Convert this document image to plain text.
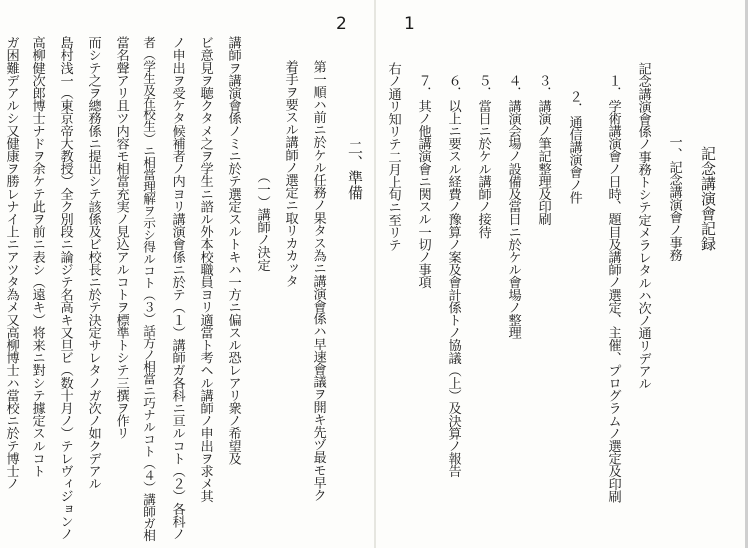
2	1
記念講演會記録
一、記念講演會ノ事務
記念講演會係ノ事務トシテ定メラレタルハ次ノ通リデアル
１．学術講演會ノ日時、題目及講師ノ選定、主催、プログラムノ選定及印刷
２．通信講演會ノ件
３．講演ノ筆記整理及印刷
４．講演会場ノ設備及當日ニ於ケル會場ノ整理
５．當日ニ於ケル講師ノ接待
６．以上ニ要スル経費ノ豫算ノ案及會計係トノ協議（上）及決算ノ報告
７．其ノ他講演會ニ関スル一切ノ事項
右ノ通リ知リテ二月上旬ニ至リテ
二、準備
第一順ハ前ニ於ケル任務ノ果タス為ニ講演會係ハ早速會議ヲ開キ先ヅ最モ早ク
着手ヲ要スル講師ノ選定ニ取リカカッタ
（一）講師ノ決定
講師ヲ講演會係ノミニ於テ選定スルトキハ一方ニ偏スル恐レアリ衆ノ希望及
ビ意見ヲ聴クタメ之ヲ学生ニ諮ル外本校職員ヨリ適當ト考ヘル講師ノ申出ヲ求メ其
ノ申出ヲ受ケタ候補者ノ内ヨリ講演會係ニ於テ（１）講師ガ各科ニ亘ルコト（２）各科ノ
者（学生及在校生）ニ相當理解ヲ示シ得ルコト（３）話方ノ相當ニ巧ナルコト（４）講師ガ相
當名聲アリ且ツ内容モ相當充実ノ見込アルコトヲ標準トシテ三撰ヲ作リ
而シテ之ヲ總務係ニ提出シテ該係及ビ校長ニ於テ決定サレタノガ次ノ如クデアル
島村浅一（東京帝大教授）全ク別段ニ論ジテ名高キ又旦ビ（数十月ノ）テレヴィジョンノ
高柳健次郎博士ナドヲ余ケテ此ヲ前ニ表シ（遠キ）将来ニ對シテ據定スルコト
ガ困難デアルシ又健康ヲ勝レナイ上ニアツタ為メ又高柳博士ハ當校ニ於テ博士ノ
